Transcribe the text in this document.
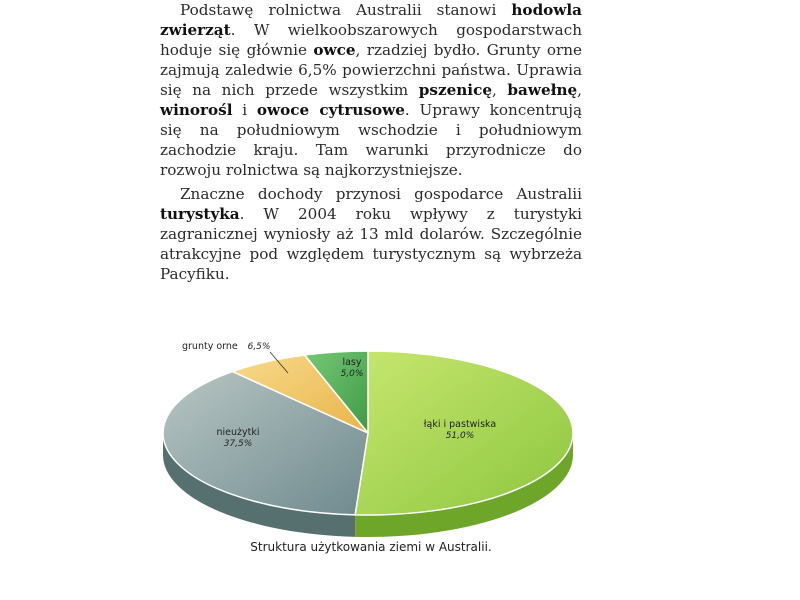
Podstawę rolnictwa Australii stanowi hodowla zwierząt. W wielkoobszarowych gospodarstwach hoduje się głównie owce, rzadziej bydło. Grunty orne zajmują zaledwie 6,5% powierzchni państwa. Uprawia się na nich przede wszystkim pszenicę, bawełnę, winorośl i owoce cytrusowe. Uprawy koncentrują się na południowym wschodzie i południowym zachodzie kraju. Tam warunki przyrodnicze do rozwoju rolnictwa są najkorzystniejsze.

Znaczne dochody przynosi gospodarce Australii turystyka. W 2004 roku wpływy z turystyki zagranicznej wyniosły aż 13 mld dolarów. Szczególnie atrakcyjne pod względem turystycznym są wybrzeża Pacyfiku.

łąki i pastwiska
51,0%
nieużytki
37,5%
grunty orne 6,5%
lasy
5,0%
Struktura użytkowania ziemi w Australii.
